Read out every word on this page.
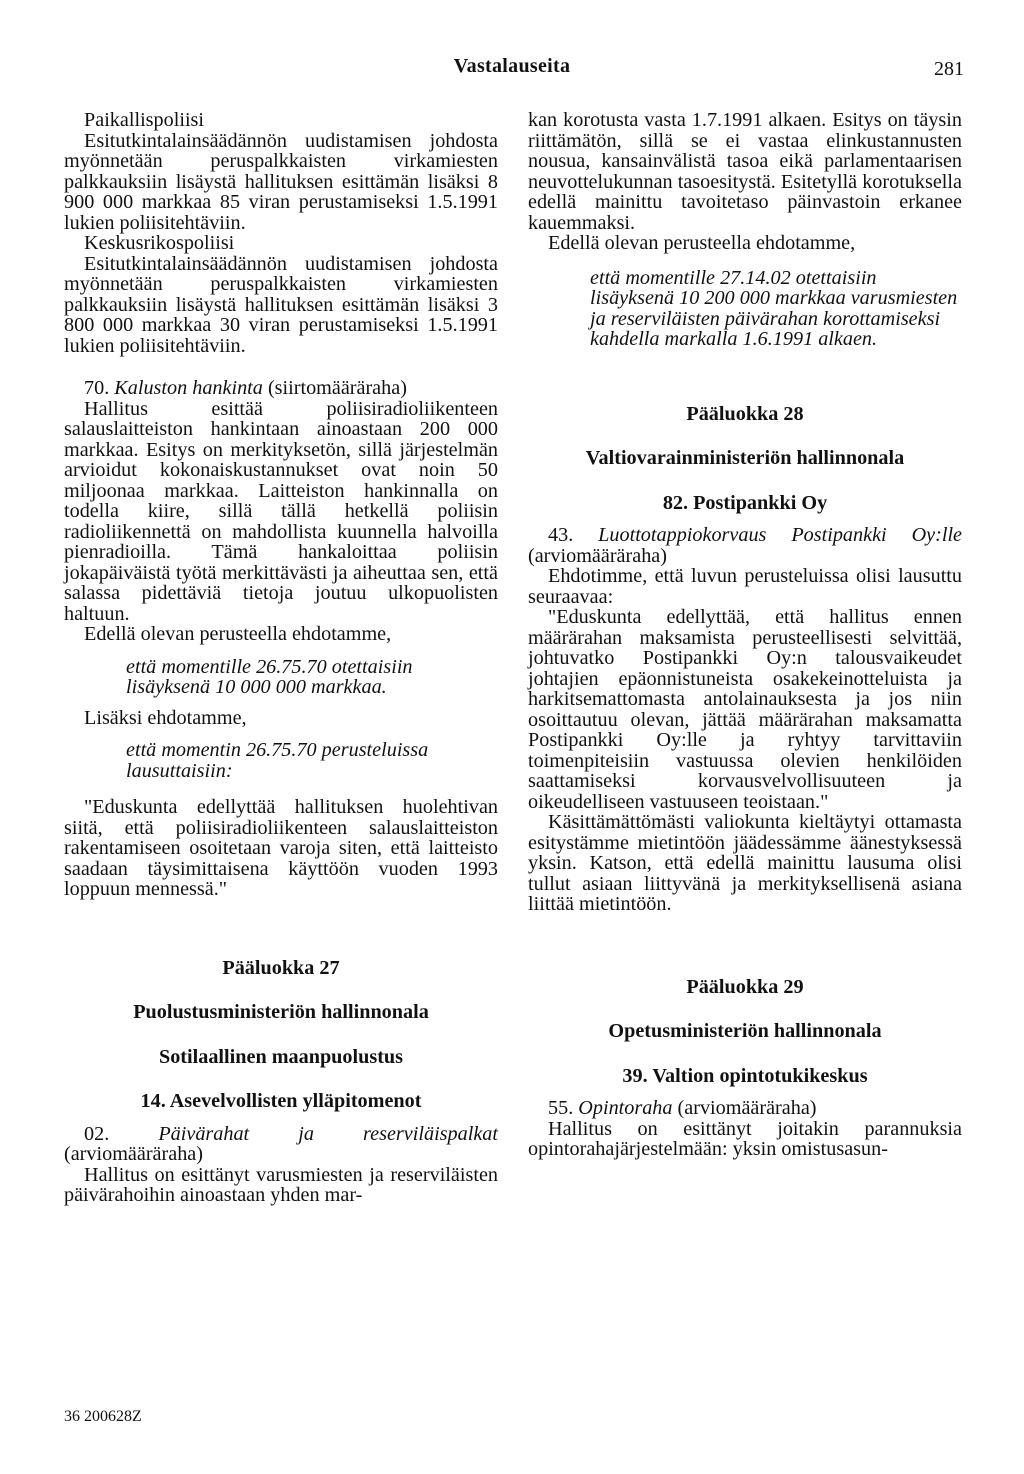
Vastalauseita	281

Paikallispoliisi

Esitutkintalainsäädännön uudistamisen johdosta myönnetään peruspalkkaisten virkamiesten palkkauksiin lisäystä hallituksen esittämän lisäksi 8 900 000 markkaa 85 viran perustamiseksi 1.5.1991 lukien poliisitehtäviin.

Keskusrikospoliisi

Esitutkintalainsäädännön uudistamisen johdosta myönnetään peruspalkkaisten virkamiesten palkkauksiin lisäystä hallituksen esittämän lisäksi 3 800 000 markkaa 30 viran perustamiseksi 1.5.1991 lukien poliisitehtäviin.

70. Kaluston hankinta (siirtomääräraha)

Hallitus esittää poliisiradioliikenteen salauslaitteiston hankintaan ainoastaan 200 000 markkaa. Esitys on merkityksetön, sillä järjestelmän arvioidut kokonaiskustannukset ovat noin 50 miljoonaa markkaa. Laitteiston hankinnalla on todella kiire, sillä tällä hetkellä poliisin radioliikennettä on mahdollista kuunnella halvoilla pienradioilla. Tämä hankaloittaa poliisin jokapäiväistä työtä merkittävästi ja aiheuttaa sen, että salassa pidettäviä tietoja joutuu ulkopuolisten haltuun.

Edellä olevan perusteella ehdotamme,

että momentille 26.75.70 otettaisiin lisäyksenä 10 000 000 markkaa.

Lisäksi ehdotamme,

että momentin 26.75.70 perusteluissa lausuttaisiin:

"Eduskunta edellyttää hallituksen huolehtivan siitä, että poliisiradioliikenteen salauslaitteiston rakentamiseen osoitetaan varoja siten, että laitteisto saadaan täysimittaisena käyttöön vuoden 1993 loppuun mennessä."

Pääluokka 27

Puolustusministeriön hallinnonala

Sotilaallinen maanpuolustus

14. Asevelvollisten ylläpitomenot

02. Päivärahat ja reserviläispalkat (arviomääräraha)

Hallitus on esittänyt varusmiesten ja reserviläisten päivärahoihin ainoastaan yhden mar-

kan korotusta vasta 1.7.1991 alkaen. Esitys on täysin riittämätön, sillä se ei vastaa elinkustannusten nousua, kansainvälistä tasoa eikä parlamentaarisen neuvottelukunnan tasoesitystä. Esitetyllä korotuksella edellä mainittu tavoitetaso päinvastoin erkanee kauemmaksi.

Edellä olevan perusteella ehdotamme,

että momentille 27.14.02 otettaisiin lisäyksenä 10 200 000 markkaa varusmiesten ja reserviläisten päivärahan korottamiseksi kahdella markalla 1.6.1991 alkaen.

Pääluokka 28

Valtiovarainministeriön hallinnonala

82. Postipankki Oy

43. Luottotappiokorvaus Postipankki Oy:lle (arviomääräraha)

Ehdotimme, että luvun perusteluissa olisi lausuttu seuraavaa:

"Eduskunta edellyttää, että hallitus ennen määrärahan maksamista perusteellisesti selvittää, johtuvatko Postipankki Oy:n talousvaikeudet johtajien epäonnistuneista osakekeinotteluista ja harkitsemattomasta antolainauksesta ja jos niin osoittautuu olevan, jättää määrärahan maksamatta Postipankki Oy:lle ja ryhtyy tarvittaviin toimenpiteisiin vastuussa olevien henkilöiden saattamiseksi korvausvelvollisuuteen ja oikeudelliseen vastuuseen teoistaan."

Käsittämättömästi valiokunta kieltäytyi ottamasta esitystämme mietintöön jäädessämme äänestyksessä yksin. Katson, että edellä mainittu lausuma olisi tullut asiaan liittyvänä ja merkityksellisenä asiana liittää mietintöön.

Pääluokka 29

Opetusministeriön hallinnonala

39. Valtion opintotukikeskus

55. Opintoraha (arviomääräraha)

Hallitus on esittänyt joitakin parannuksia opintorahajärjestelmään: yksin omistusasun-

36 200628Z
